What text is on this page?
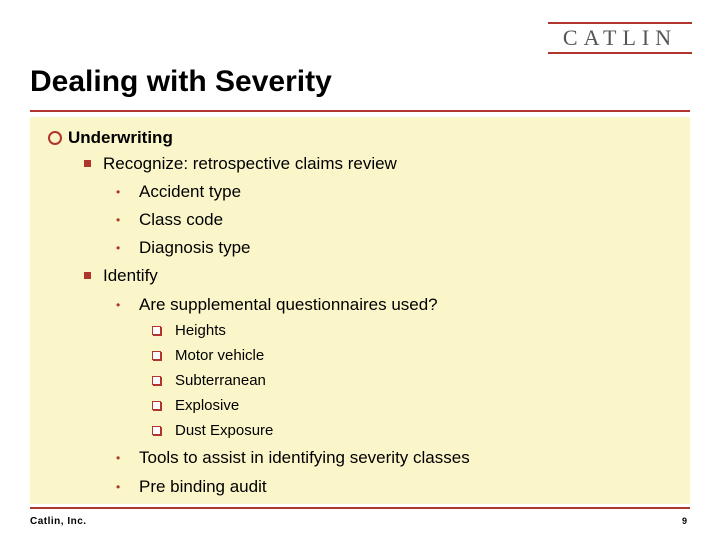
CATLIN
Dealing with Severity
Underwriting
Recognize: retrospective claims review
• Accident type
• Class code
• Diagnosis type
Identify
• Are supplemental questionnaires used?
Heights
Motor vehicle
Subterranean
Explosive
Dust Exposure
• Tools to assist in identifying severity classes
• Pre binding audit
Catlin, Inc.	9
